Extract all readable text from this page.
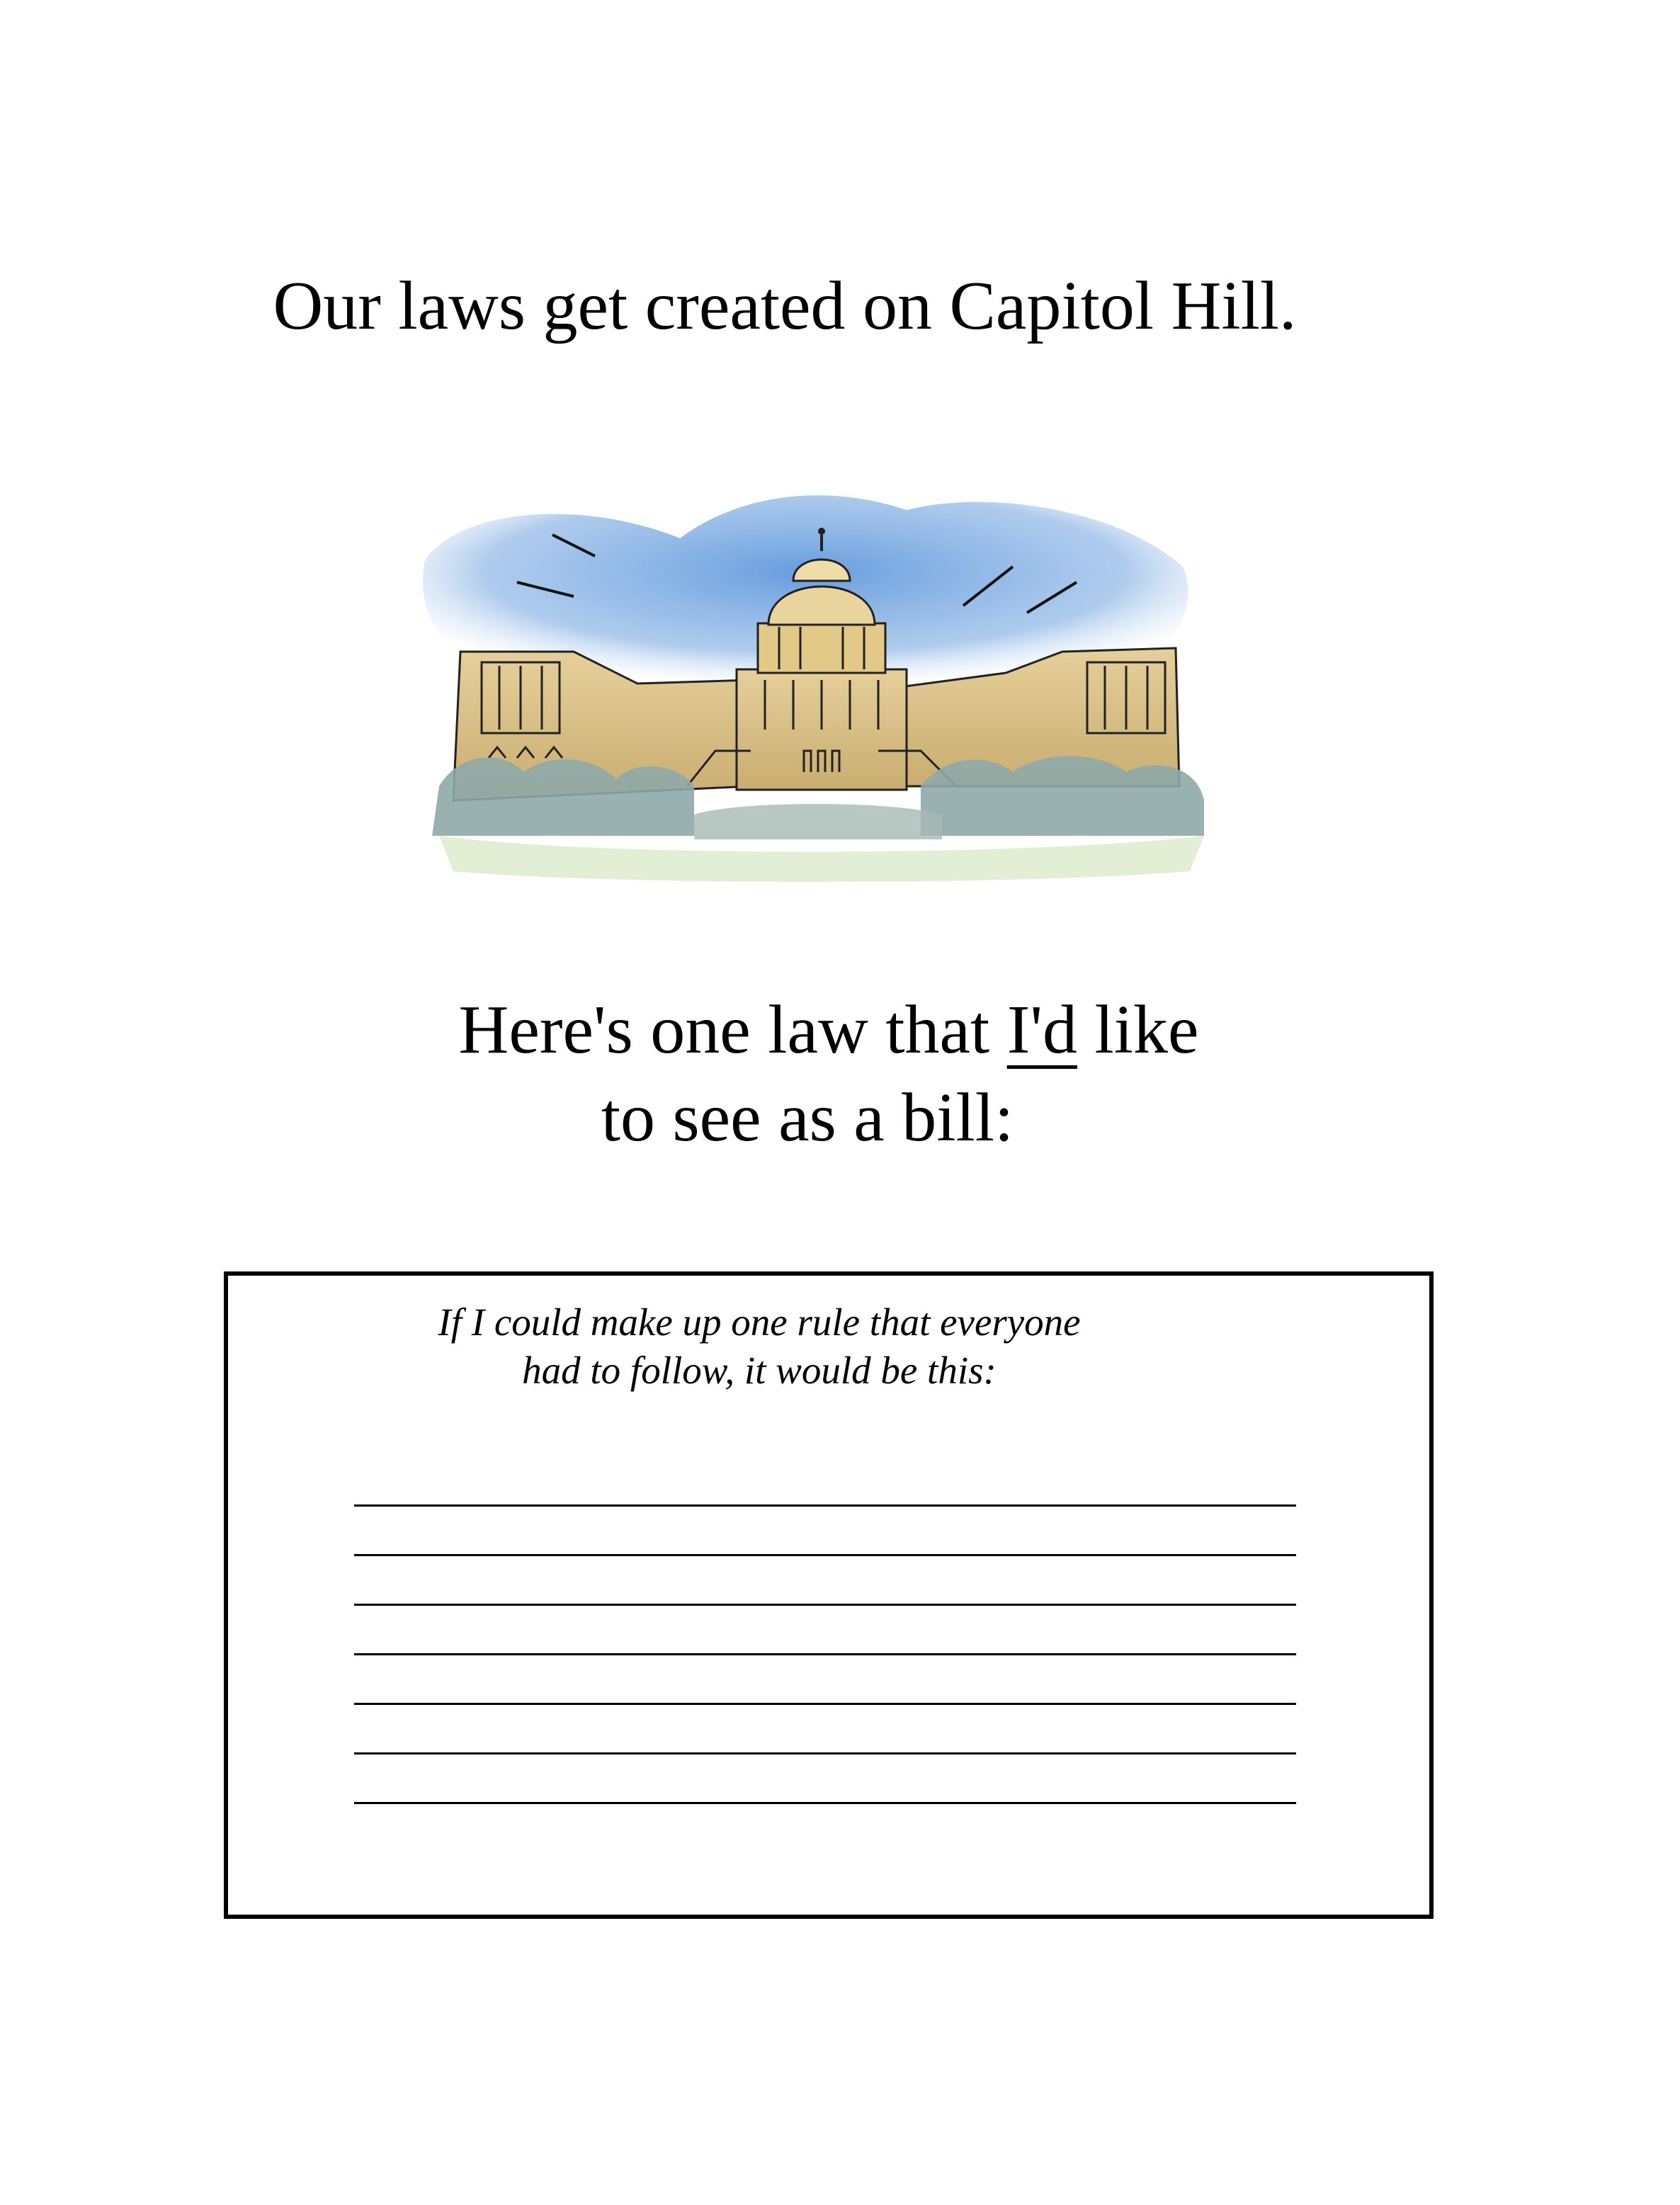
Our laws get created on Capitol Hill.
Here's one law that I'd like
to see as a bill:
If I could make up one rule that everyone
had to follow, it would be this:
